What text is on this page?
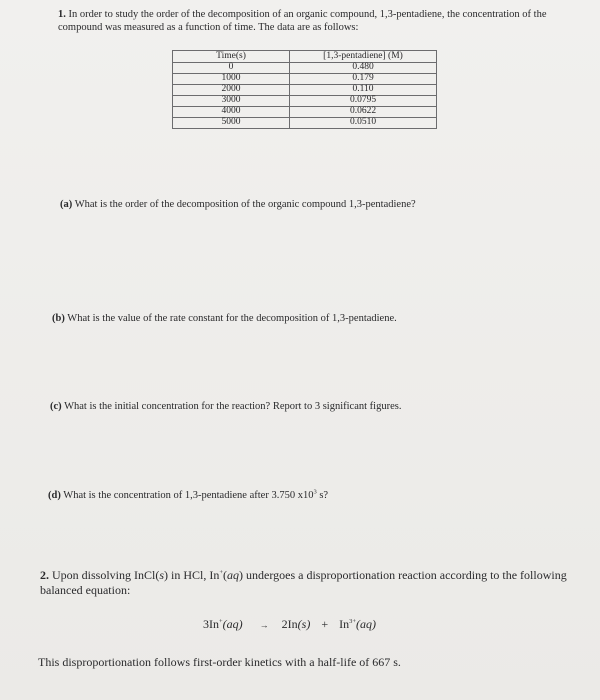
1. In order to study the order of the decomposition of an organic compound, 1,3-pentadiene, the concentration of the compound was measured as a function of time. The data are as follows:
Time(s)	[1,3-pentadiene] (M)
0	0.480
1000	0.179
2000	0.110
3000	0.0795
4000	0.0622
5000	0.0510
(a) What is the order of the decomposition of the organic compound 1,3-pentadiene?
(b) What is the value of the rate constant for the decomposition of 1,3-pentadiene.
(c) What is the initial concentration for the reaction? Report to 3 significant figures.
(d) What is the concentration of 1,3-pentadiene after 3.750 $x10^3$ s?
2. Upon dissolving InCl(s) in HCl, In+(aq) undergoes a disproportionation reaction according to the following balanced equation:
$3In^+(aq) \to 2In(s) + In^{3+}(aq)$
This disproportionation follows first-order kinetics with a half-life of 667 s.
